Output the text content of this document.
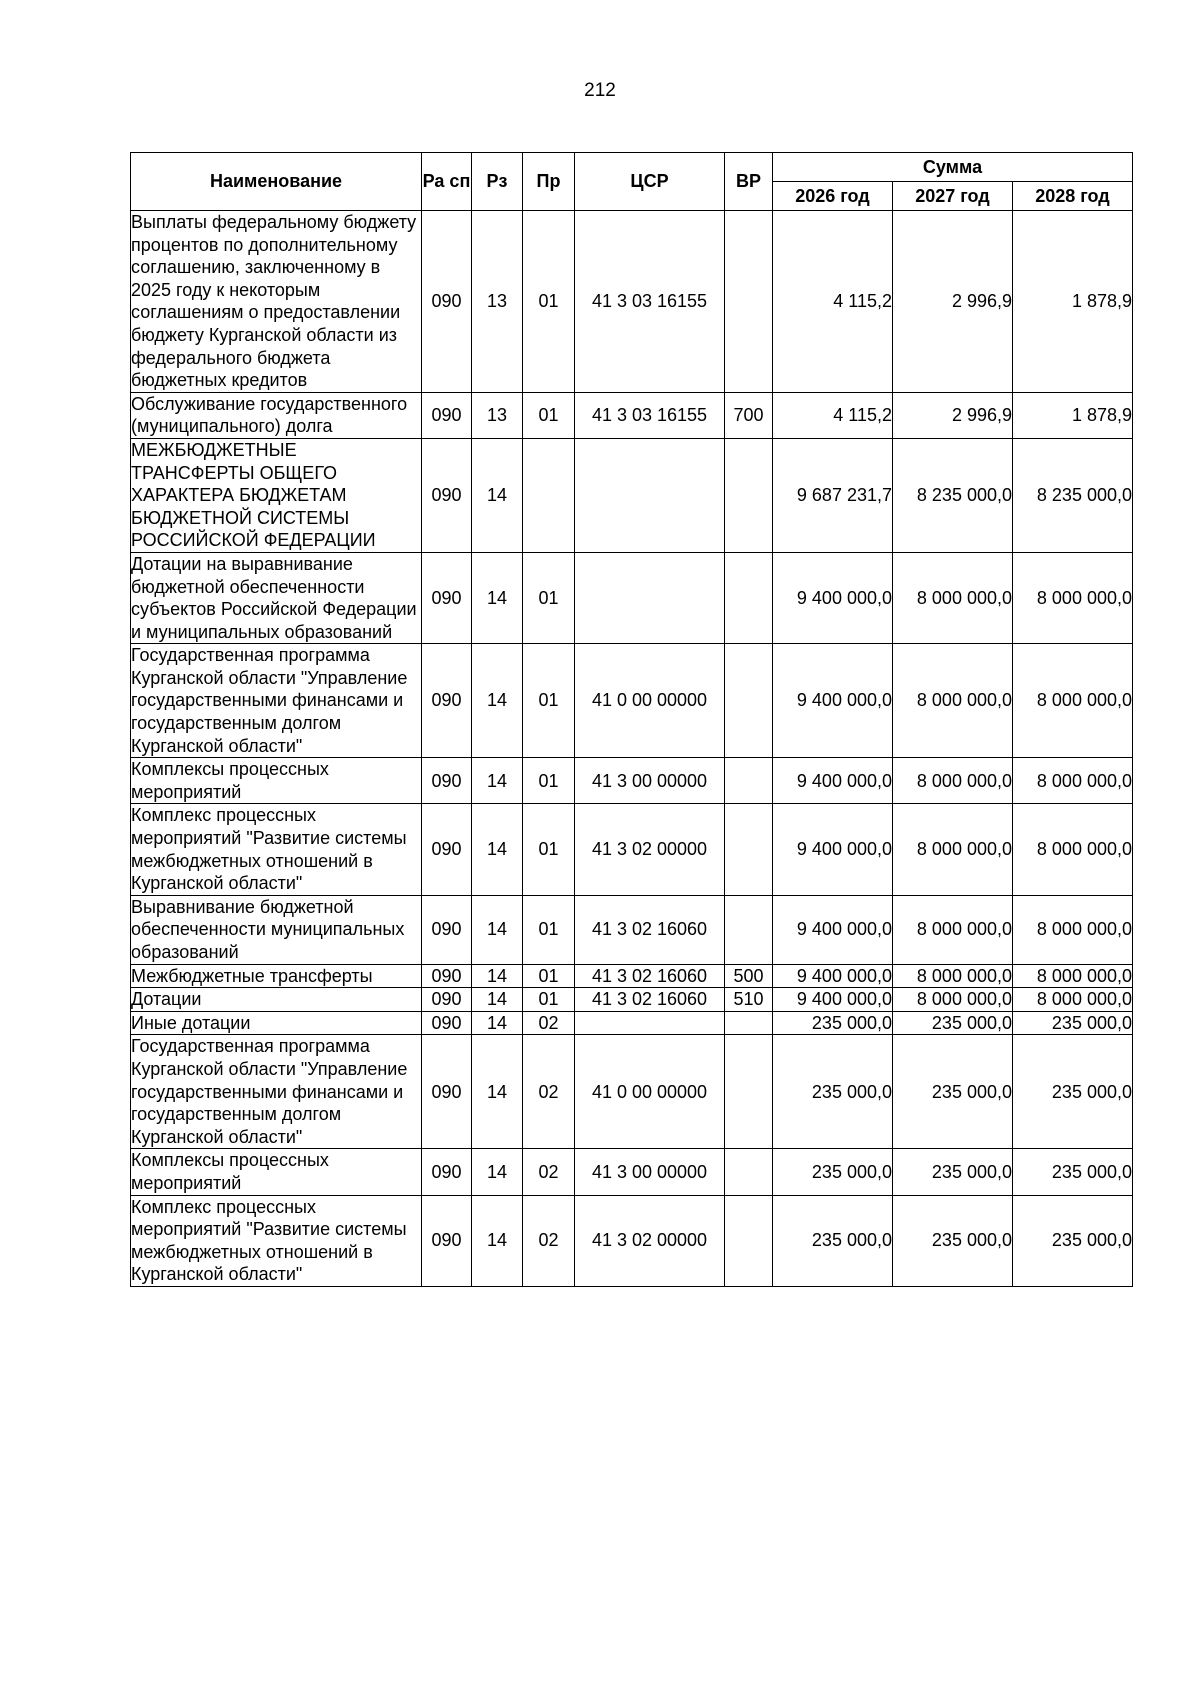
212
Наименование	Ра сп	Рз	Пр	ЦСР	ВР	Сумма		
						2026 год	2027 год	2028 год
Выплаты федеральному бюджету процентов по дополнительному соглашению, заключенному в 2025 году к некоторым соглашениям о предоставлении бюджету Курганской области из федерального бюджета бюджетных кредитов	090	13	01	41 3 03 16155		4 115,2	2 996,9	1 878,9
Обслуживание государственного (муниципального) долга	090	13	01	41 3 03 16155	700	4 115,2	2 996,9	1 878,9
МЕЖБЮДЖЕТНЫЕ ТРАНСФЕРТЫ ОБЩЕГО ХАРАКТЕРА БЮДЖЕТАМ БЮДЖЕТНОЙ СИСТЕМЫ РОССИЙСКОЙ ФЕДЕРАЦИИ	090	14				9 687 231,7	8 235 000,0	8 235 000,0
Дотации на выравнивание бюджетной обеспеченности субъектов Российской Федерации и муниципальных образований	090	14	01			9 400 000,0	8 000 000,0	8 000 000,0
Государственная программа Курганской области "Управление государственными финансами и государственным долгом Курганской области"	090	14	01	41 0 00 00000		9 400 000,0	8 000 000,0	8 000 000,0
Комплексы процессных мероприятий	090	14	01	41 3 00 00000		9 400 000,0	8 000 000,0	8 000 000,0
Комплекс процессных мероприятий "Развитие системы межбюджетных отношений в Курганской области"	090	14	01	41 3 02 00000		9 400 000,0	8 000 000,0	8 000 000,0
Выравнивание бюджетной обеспеченности муниципальных образований	090	14	01	41 3 02 16060		9 400 000,0	8 000 000,0	8 000 000,0
Межбюджетные трансферты	090	14	01	41 3 02 16060	500	9 400 000,0	8 000 000,0	8 000 000,0
Дотации	090	14	01	41 3 02 16060	510	9 400 000,0	8 000 000,0	8 000 000,0
Иные дотации	090	14	02			235 000,0	235 000,0	235 000,0
Государственная программа Курганской области "Управление государственными финансами и государственным долгом Курганской области"	090	14	02	41 0 00 00000		235 000,0	235 000,0	235 000,0
Комплексы процессных мероприятий	090	14	02	41 3 00 00000		235 000,0	235 000,0	235 000,0
Комплекс процессных мероприятий "Развитие системы межбюджетных отношений в Курганской области"	090	14	02	41 3 02 00000		235 000,0	235 000,0	235 000,0
